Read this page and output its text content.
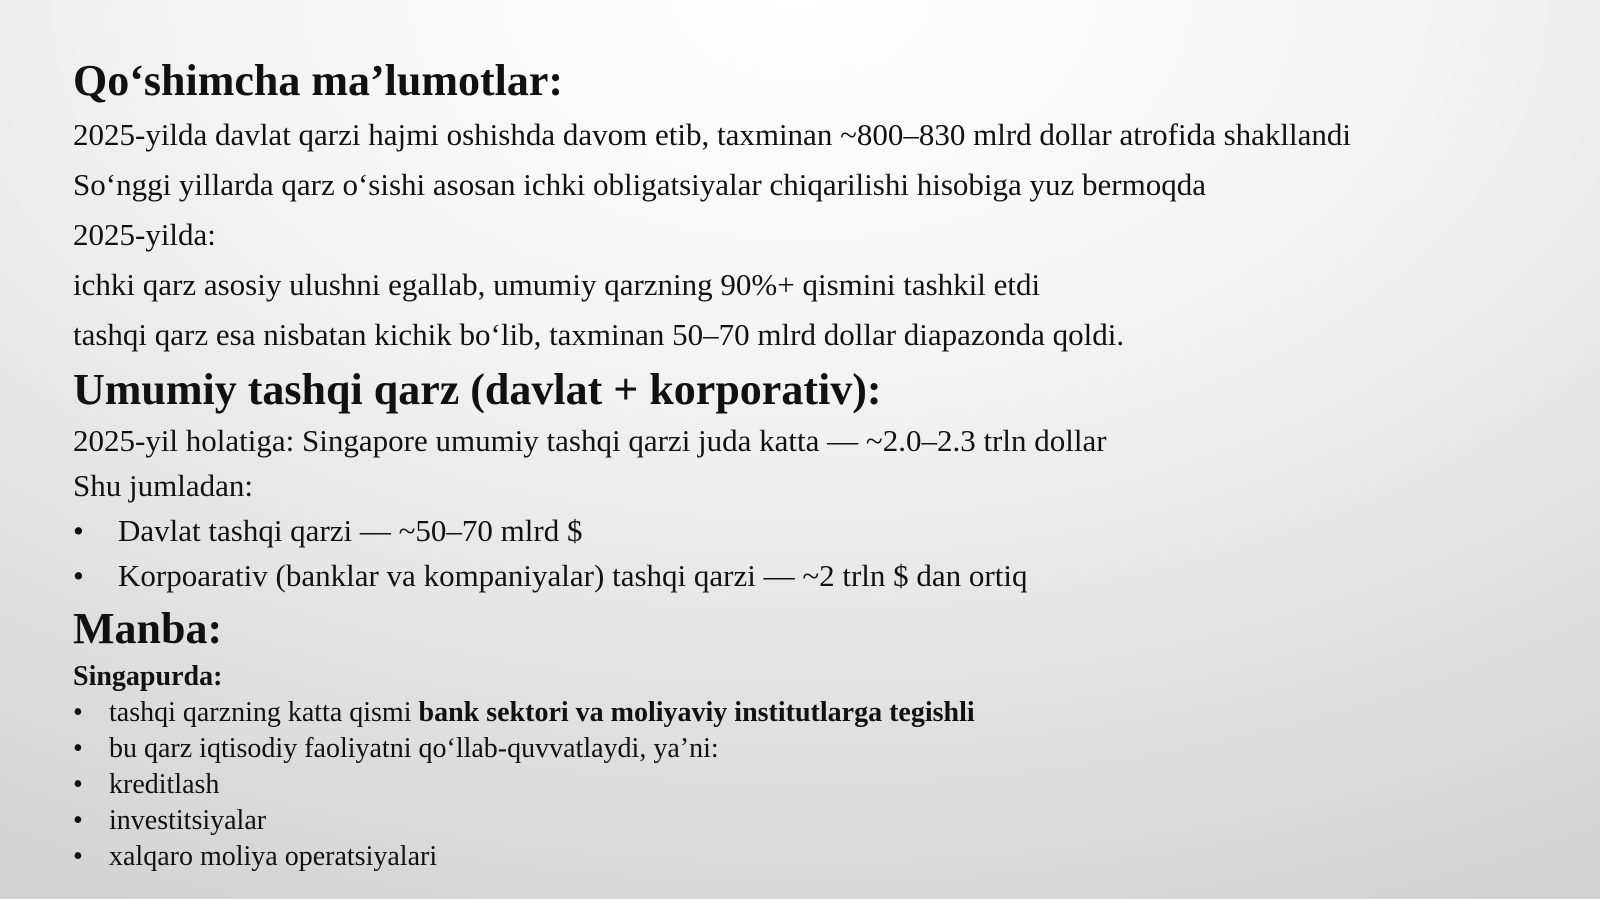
Qo‘shimcha ma’lumotlar:

2025-yilda davlat qarzi hajmi oshishda davom etib, taxminan ~800–830 mlrd dollar atrofida shakllandi

So‘nggi yillarda qarz o‘sishi asosan ichki obligatsiyalar chiqarilishi hisobiga yuz bermoqda

2025-yilda:

ichki qarz asosiy ulushni egallab, umumiy qarzning 90%+ qismini tashkil etdi

tashqi qarz esa nisbatan kichik bo‘lib, taxminan 50–70 mlrd dollar diapazonda qoldi.

Umumiy tashqi qarz (davlat + korporativ):

2025-yil holatiga: Singapore umumiy tashqi qarzi juda katta — ~2.0–2.3 trln dollar

Shu jumladan:

• Davlat tashqi qarzi — ~50–70 mlrd $
• Korpoarativ (banklar va kompaniyalar) tashqi qarzi — ~2 trln $ dan ortiq
Manba:

Singapurda:

• tashqi qarzning katta qismi bank sektori va moliyaviy institutlarga tegishli
• bu qarz iqtisodiy faoliyatni qo‘llab-quvvatlaydi, ya’ni:
• kreditlash
• investitsiyalar
• xalqaro moliya operatsiyalari
